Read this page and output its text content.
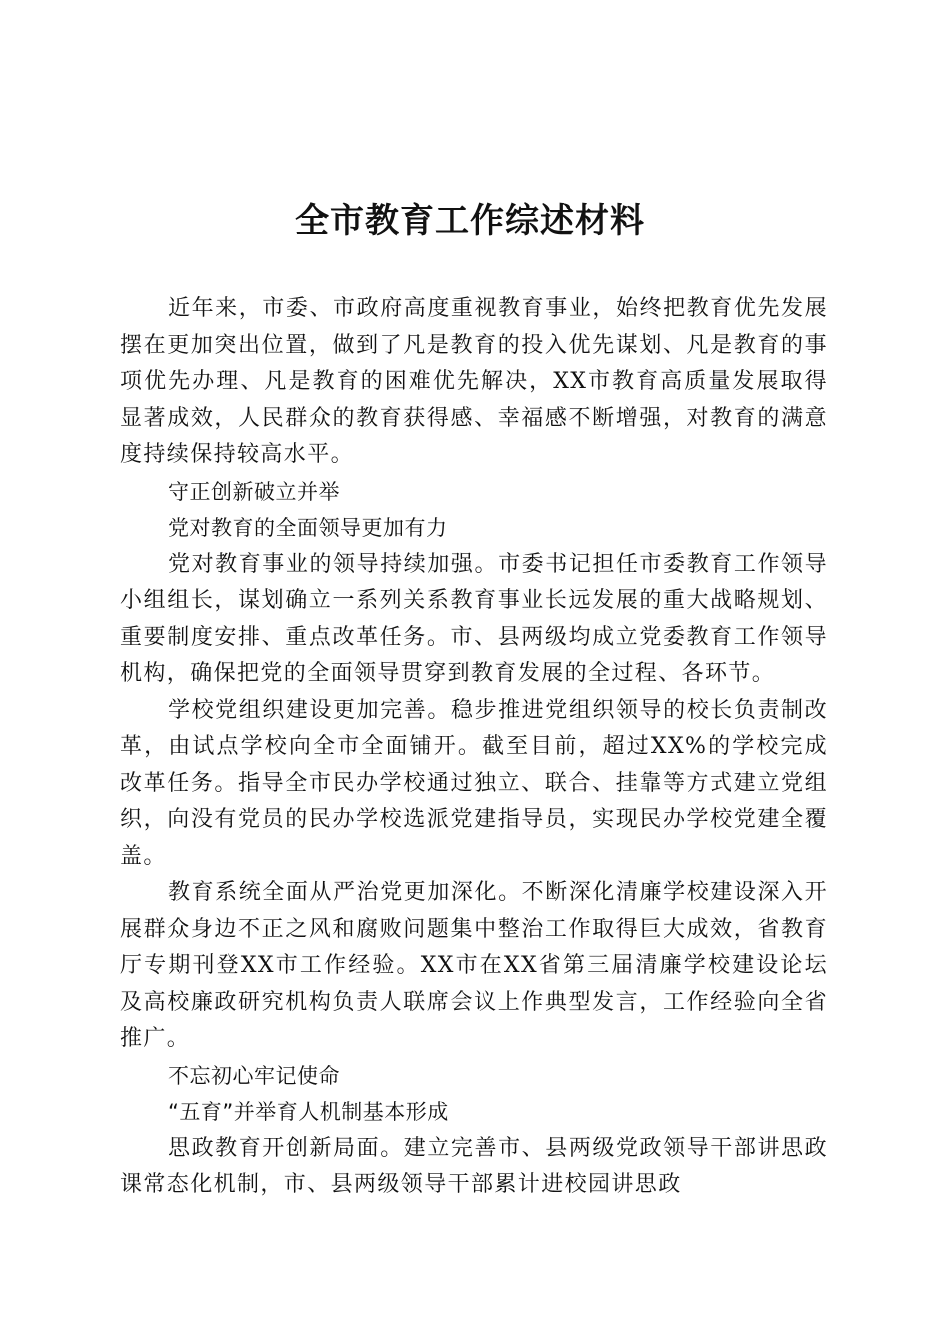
全市教育工作综述材料

近年来，市委、市政府高度重视教育事业，始终把教育优先发展摆在更加突出位置，做到了凡是教育的投入优先谋划、凡是教育的事项优先办理、凡是教育的困难优先解决，XX市教育高质量发展取得显著成效，人民群众的教育获得感、幸福感不断增强，对教育的满意度持续保持较高水平。

守正创新破立并举
党对教育的全面领导更加有力

党对教育事业的领导持续加强。市委书记担任市委教育工作领导小组组长，谋划确立一系列关系教育事业长远发展的重大战略规划、重要制度安排、重点改革任务。市、县两级均成立党委教育工作领导机构，确保把党的全面领导贯穿到教育发展的全过程、各环节。

学校党组织建设更加完善。稳步推进党组织领导的校长负责制改革，由试点学校向全市全面铺开。截至目前，超过XX%的学校完成改革任务。指导全市民办学校通过独立、联合、挂靠等方式建立党组织，向没有党员的民办学校选派党建指导员，实现民办学校党建全覆盖。

教育系统全面从严治党更加深化。不断深化清廉学校建设深入开展群众身边不正之风和腐败问题集中整治工作取得巨大成效，省教育厅专期刊登XX市工作经验。XX市在XX省第三届清廉学校建设论坛及高校廉政研究机构负责人联席会议上作典型发言，工作经验向全省推广。

不忘初心牢记使命
“五育”并举育人机制基本形成

思政教育开创新局面。建立完善市、县两级党政领导干部讲思政课常态化机制，市、县两级领导干部累计进校园讲思政
